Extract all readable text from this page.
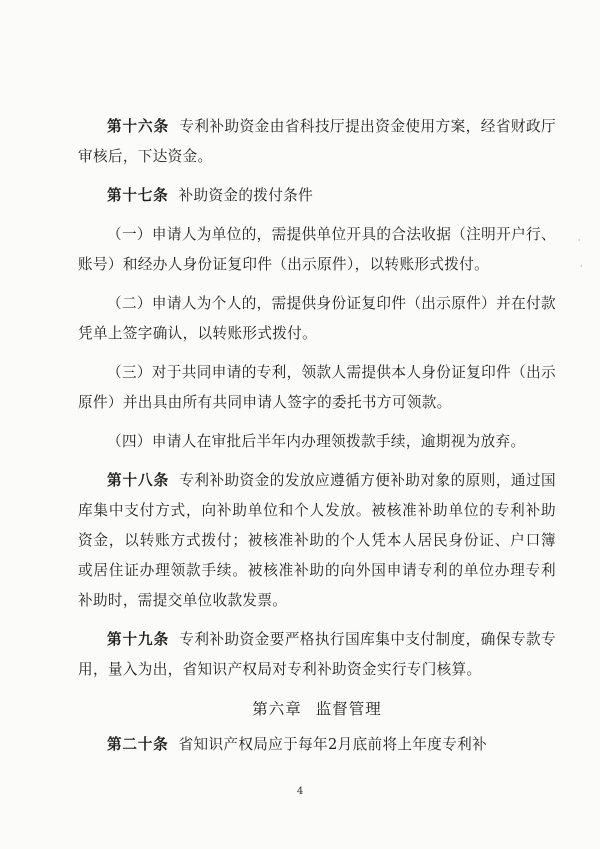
第十六条 专利补助资金由省科技厅提出资金使用方案，经省财政厅审核后，下达资金。

第十七条 补助资金的拨付条件

（一）申请人为单位的，需提供单位开具的合法收据（注明开户行、账号）和经办人身份证复印件（出示原件），以转账形式拨付。

（二）申请人为个人的，需提供身份证复印件（出示原件）并在付款凭单上签字确认，以转账形式拨付。

（三）对于共同申请的专利，领款人需提供本人身份证复印件（出示原件）并出具由所有共同申请人签字的委托书方可领款。

（四）申请人在审批后半年内办理领拨款手续，逾期视为放弃。

第十八条 专利补助资金的发放应遵循方便补助对象的原则，通过国库集中支付方式，向补助单位和个人发放。被核准补助单位的专利补助资金，以转账方式拨付；被核准补助的个人凭本人居民身份证、户口簿或居住证办理领款手续。被核准补助的向外国申请专利的单位办理专利补助时，需提交单位收款发票。

第十九条 专利补助资金要严格执行国库集中支付制度，确保专款专用，量入为出，省知识产权局对专利补助资金实行专门核算。

第六章 监督管理

第二十条 省知识产权局应于每年2月底前将上年度专利补

4
·
·
